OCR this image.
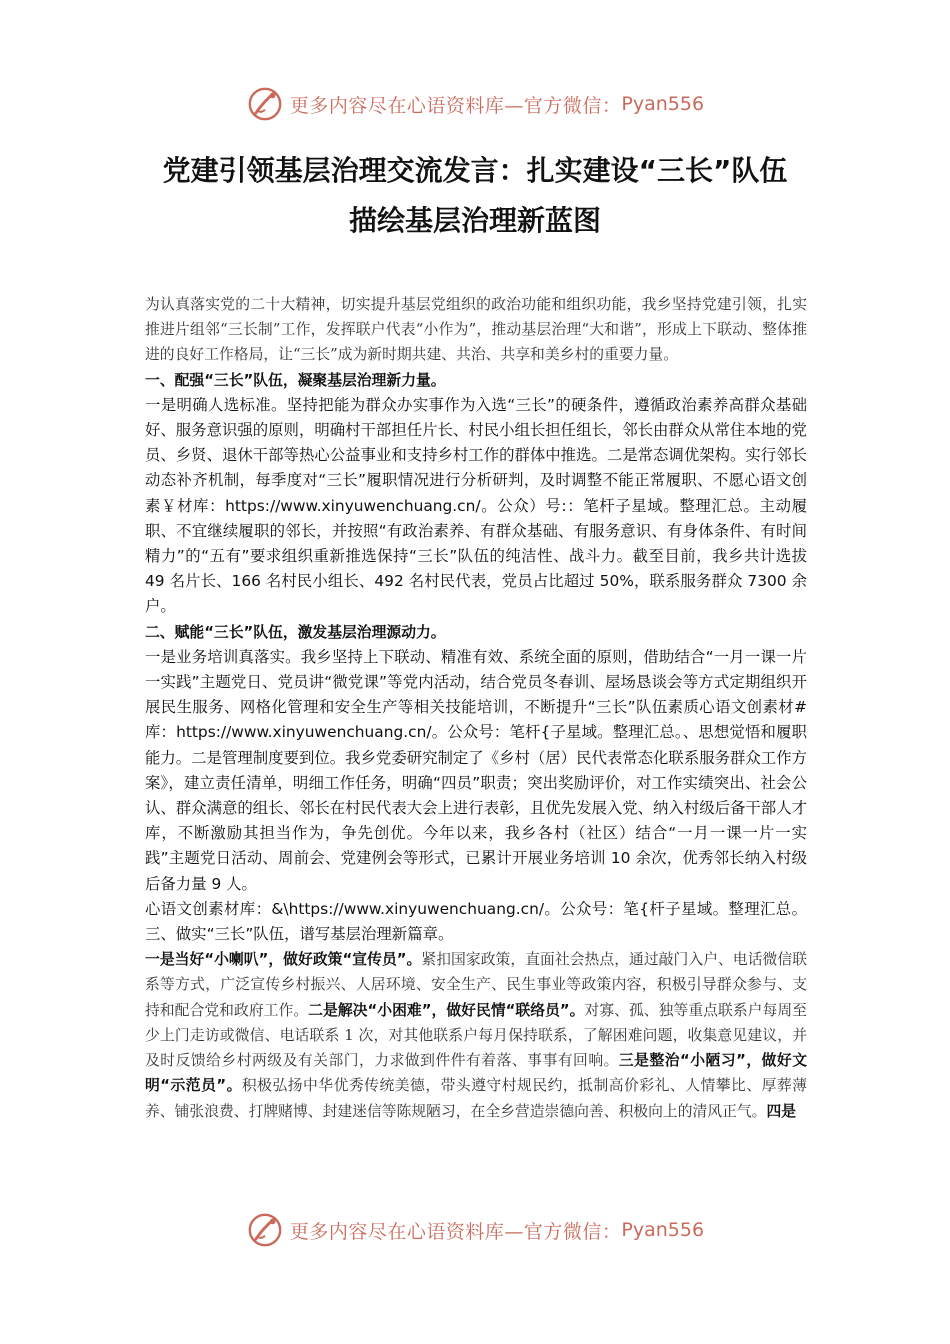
更多内容尽在心语资料库—官方微信： Pyan556
党建引领基层治理交流发言：扎实建设“三长”队伍
描绘基层治理新蓝图

为认真落实党的二十大精神，切实提升基层党组织的政治功能和组织功能，我乡坚持党建引领，扎实推进片组邻“三长制”工作，发挥联户代表“小作为”，推动基层治理“大和谐”，形成上下联动、整体推进的良好工作格局，让“三长”成为新时期共建、共治、共享和美乡村的重要力量。

一、配强“三长”队伍，凝聚基层治理新力量。

一是明确人选标准。坚持把能为群众办实事作为入选“三长”的硬条件，遵循政治素养高群众基础好、服务意识强的原则，明确村干部担任片长、村民小组长担任组长，邻长由群众从常住本地的党员、乡贤、退休干部等热心公益事业和支持乡村工作的群体中推选。二是常态调优架构。实行邻长动态补齐机制，每季度对“三长”履职情况进行分析研判，及时调整不能正常履职、不愿心语文创素￥材库：https://www.xinyuwenchuang.cn/。公众）号:：笔杆子星域。整理汇总。主动履职、不宜继续履职的邻长，并按照“有政治素养、有群众基础、有服务意识、有身体条件、有时间精力”的“五有”要求组织重新推选保持“三长”队伍的纯洁性、战斗力。截至目前，我乡共计选拔 49 名片长、166 名村民小组长、492 名村民代表，党员占比超过 50%，联系服务群众 7300 余户。

二、赋能“三长”队伍，激发基层治理源动力。

一是业务培训真落实。我乡坚持上下联动、精准有效、系统全面的原则，借助结合“一月一课一片一实践”主题党日、党员讲“微党课”等党内活动，结合党员冬春训、屋场恳谈会等方式定期组织开展民生服务、网格化管理和安全生产等相关技能培训，不断提升“三长”队伍素质心语文创素材#库：https://www.xinyuwenchuang.cn/。公众号：笔杆{子星域。整理汇总。、思想觉悟和履职能力。二是管理制度要到位。我乡党委研究制定了《乡村（居）民代表常态化联系服务群众工作方案》，建立责任清单，明细工作任务，明确“四员”职责；突出奖励评价，对工作实绩突出、社会公认、群众满意的组长、邻长在村民代表大会上进行表彰，且优先发展入党、纳入村级后备干部人才库，不断激励其担当作为，争先创优。今年以来，我乡各村（社区）结合“一月一课一片一实践”主题党日活动、周前会、党建例会等形式，已累计开展业务培训 10 余次，优秀邻长纳入村级后备力量 9 人。

心语文创素材库：&\https://www.xinyuwenchuang.cn/。公众号：笔{杆子星域。整理汇总。三、做实“三长”队伍，谱写基层治理新篇章。

一是当好“小喇叭”，做好政策“宣传员”。紧扣国家政策，直面社会热点，通过敲门入户、电话微信联系等方式，广泛宣传乡村振兴、人居环境、安全生产、民生事业等政策内容，积极引导群众参与、支持和配合党和政府工作。二是解决“小困难”，做好民情“联络员”。对寡、孤、独等重点联系户每周至少上门走访或微信、电话联系 1 次，对其他联系户每月保持联系，了解困难问题，收集意见建议，并及时反馈给乡村两级及有关部门，力求做到件件有着落、事事有回响。三是整治“小陋习”，做好文明“示范员”。积极弘扬中华优秀传统美德，带头遵守村规民约，抵制高价彩礼、人情攀比、厚葬薄养、铺张浪费、打牌赌博、封建迷信等陈规陋习，在全乡营造崇德向善、积极向上的清风正气。四是

更多内容尽在心语资料库—官方微信： Pyan556
